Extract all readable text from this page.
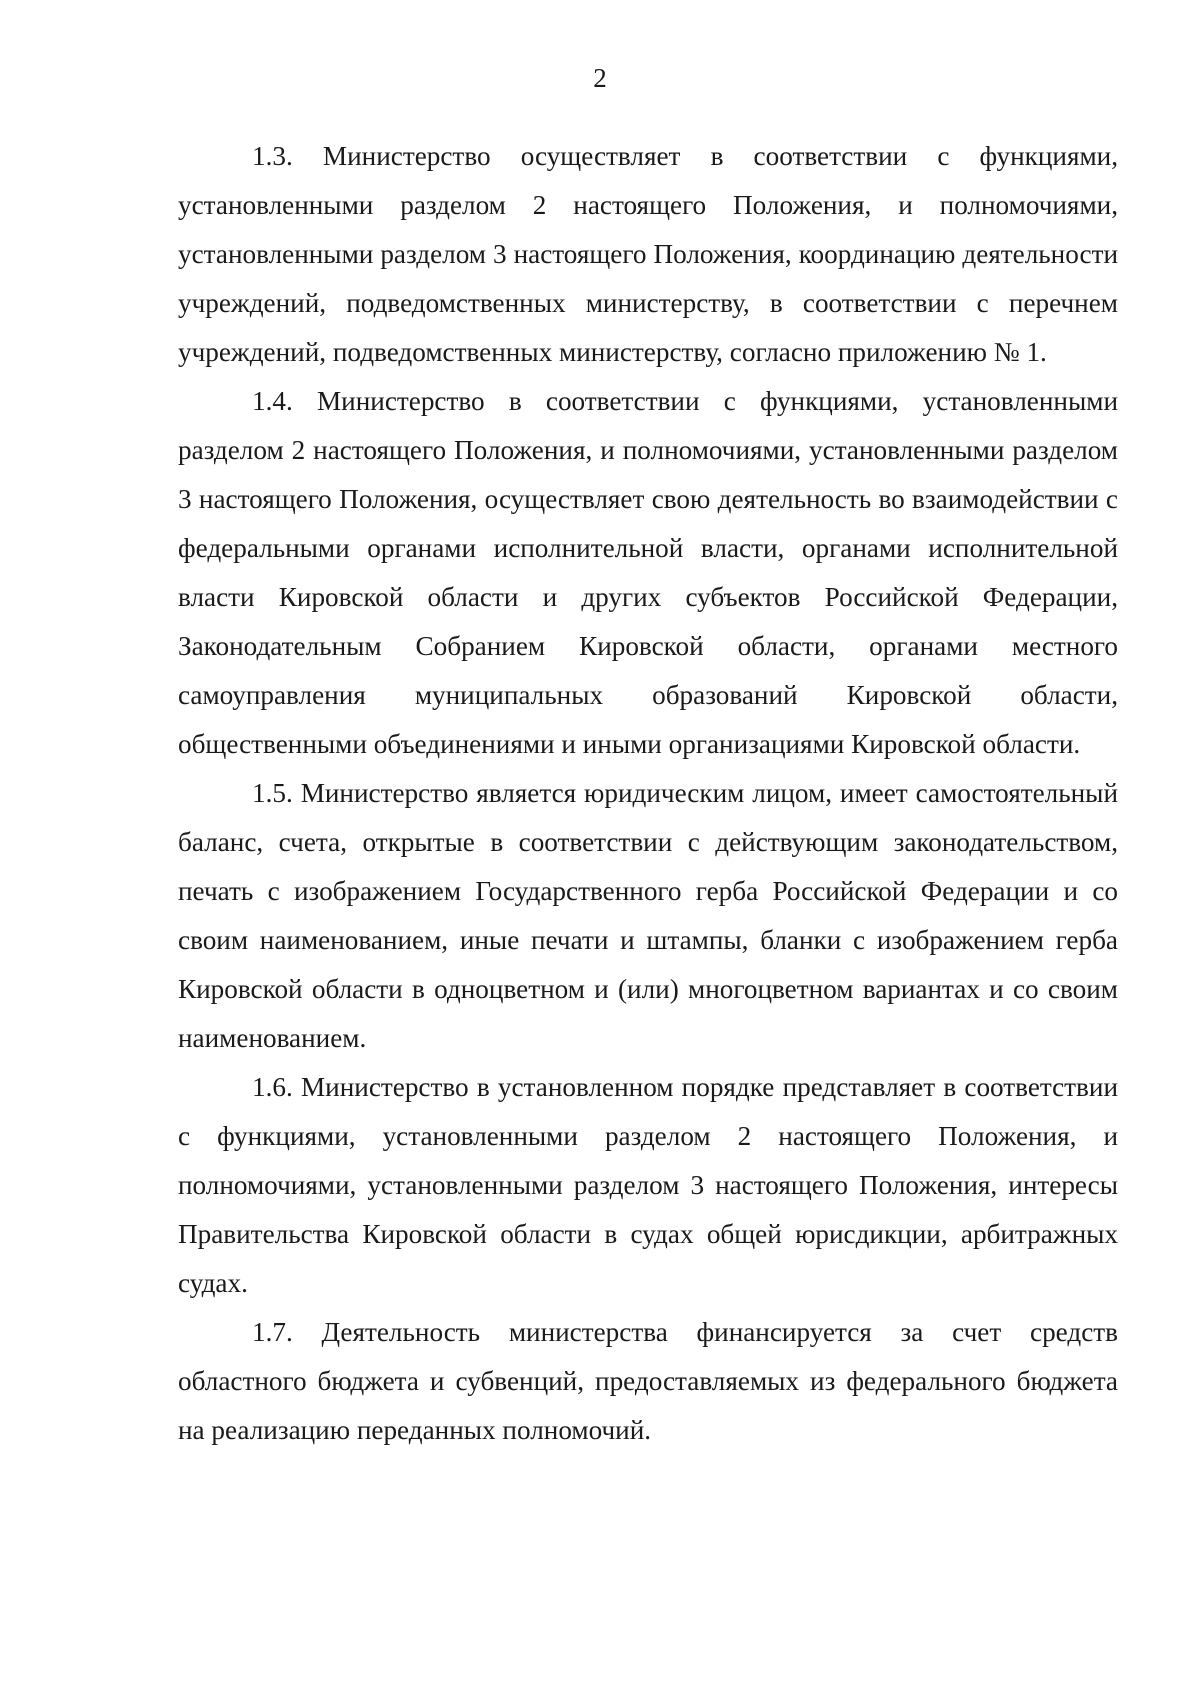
2

1.3. Министерство осуществляет в соответствии с функциями, установленными разделом 2 настоящего Положения, и полномочиями, установленными разделом 3 настоящего Положения, координацию деятельности учреждений, подведомственных министерству, в соответствии с перечнем учреждений, подведомственных министерству, согласно приложению № 1.

1.4. Министерство в соответствии с функциями, установленными разделом 2 настоящего Положения, и полномочиями, установленными разделом 3 настоящего Положения, осуществляет свою деятельность во взаимодействии с федеральными органами исполнительной власти, органами исполнительной власти Кировской области и других субъектов Российской Федерации, Законодательным Собранием Кировской области, органами местного самоуправления муниципальных образований Кировской области, общественными объединениями и иными организациями Кировской области.

1.5. Министерство является юридическим лицом, имеет самостоятельный баланс, счета, открытые в соответствии с действующим законодательством, печать с изображением Государственного герба Российской Федерации и со своим наименованием, иные печати и штампы, бланки с изображением герба Кировской области в одноцветном и (или) многоцветном вариантах и со своим наименованием.

1.6. Министерство в установленном порядке представляет в соответствии с функциями, установленными разделом 2 настоящего Положения, и полномочиями, установленными разделом 3 настоящего Положения, интересы Правительства Кировской области в судах общей юрисдикции, арбитражных судах.

1.7. Деятельность министерства финансируется за счет средств областного бюджета и субвенций, предоставляемых из федерального бюджета на реализацию переданных полномочий.
